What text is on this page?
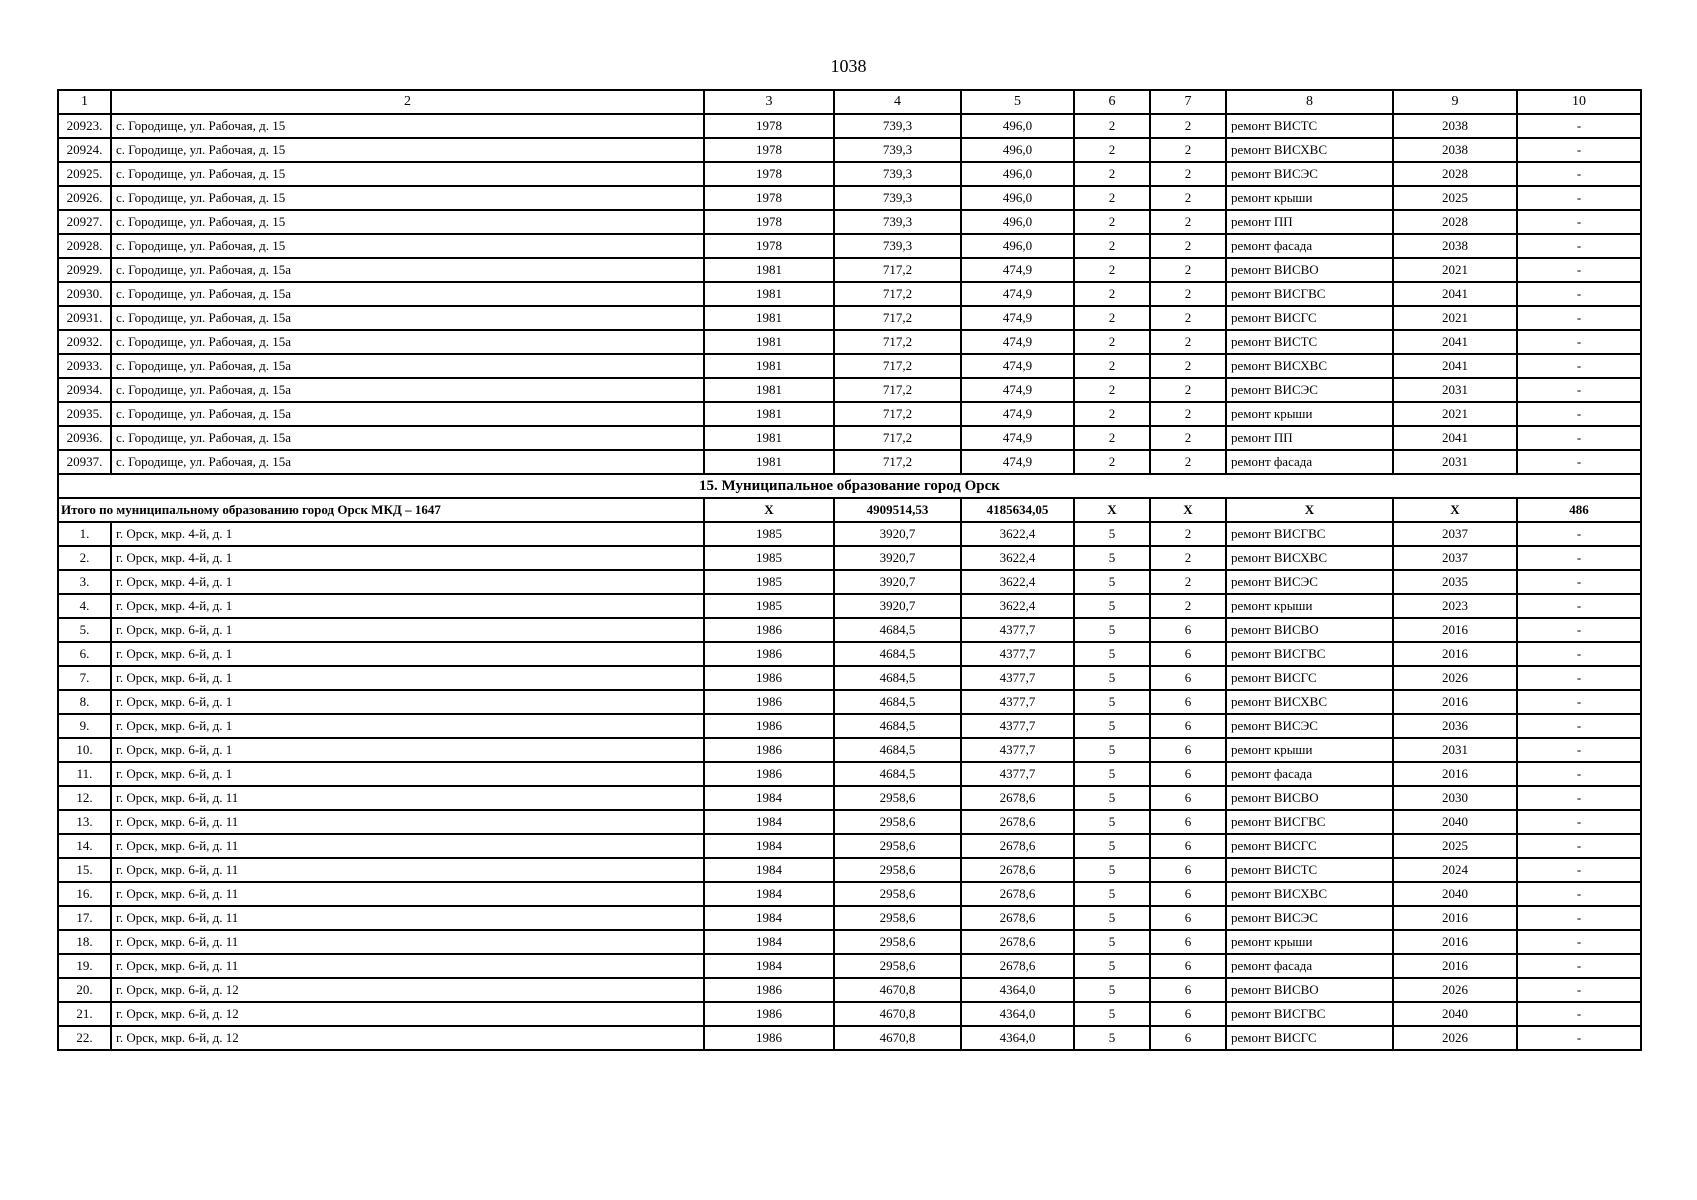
1038
1	2	3	4	5	6	7	8	9	10
20923.	с. Городище, ул. Рабочая, д. 15	1978	739,3	496,0	2	2	ремонт ВИСТС	2038	-
20924.	с. Городище, ул. Рабочая, д. 15	1978	739,3	496,0	2	2	ремонт ВИСХВС	2038	-
20925.	с. Городище, ул. Рабочая, д. 15	1978	739,3	496,0	2	2	ремонт ВИСЭС	2028	-
20926.	с. Городище, ул. Рабочая, д. 15	1978	739,3	496,0	2	2	ремонт крыши	2025	-
20927.	с. Городище, ул. Рабочая, д. 15	1978	739,3	496,0	2	2	ремонт ПП	2028	-
20928.	с. Городище, ул. Рабочая, д. 15	1978	739,3	496,0	2	2	ремонт фасада	2038	-
20929.	с. Городище, ул. Рабочая, д. 15а	1981	717,2	474,9	2	2	ремонт ВИСВО	2021	-
20930.	с. Городище, ул. Рабочая, д. 15а	1981	717,2	474,9	2	2	ремонт ВИСГВС	2041	-
20931.	с. Городище, ул. Рабочая, д. 15а	1981	717,2	474,9	2	2	ремонт ВИСГС	2021	-
20932.	с. Городище, ул. Рабочая, д. 15а	1981	717,2	474,9	2	2	ремонт ВИСТС	2041	-
20933.	с. Городище, ул. Рабочая, д. 15а	1981	717,2	474,9	2	2	ремонт ВИСХВС	2041	-
20934.	с. Городище, ул. Рабочая, д. 15а	1981	717,2	474,9	2	2	ремонт ВИСЭС	2031	-
20935.	с. Городище, ул. Рабочая, д. 15а	1981	717,2	474,9	2	2	ремонт крыши	2021	-
20936.	с. Городище, ул. Рабочая, д. 15а	1981	717,2	474,9	2	2	ремонт ПП	2041	-
20937.	с. Городище, ул. Рабочая, д. 15а	1981	717,2	474,9	2	2	ремонт фасада	2031	-
15. Муниципальное образование город Орск									
Итого по муниципальному образованию город Орск МКД – 1647		X	4909514,53	4185634,05	X	X	X	X	486
1.	г. Орск, мкр. 4-й, д. 1	1985	3920,7	3622,4	5	2	ремонт ВИСГВС	2037	-
2.	г. Орск, мкр. 4-й, д. 1	1985	3920,7	3622,4	5	2	ремонт ВИСХВС	2037	-
3.	г. Орск, мкр. 4-й, д. 1	1985	3920,7	3622,4	5	2	ремонт ВИСЭС	2035	-
4.	г. Орск, мкр. 4-й, д. 1	1985	3920,7	3622,4	5	2	ремонт крыши	2023	-
5.	г. Орск, мкр. 6-й, д. 1	1986	4684,5	4377,7	5	6	ремонт ВИСВО	2016	-
6.	г. Орск, мкр. 6-й, д. 1	1986	4684,5	4377,7	5	6	ремонт ВИСГВС	2016	-
7.	г. Орск, мкр. 6-й, д. 1	1986	4684,5	4377,7	5	6	ремонт ВИСГС	2026	-
8.	г. Орск, мкр. 6-й, д. 1	1986	4684,5	4377,7	5	6	ремонт ВИСХВС	2016	-
9.	г. Орск, мкр. 6-й, д. 1	1986	4684,5	4377,7	5	6	ремонт ВИСЭС	2036	-
10.	г. Орск, мкр. 6-й, д. 1	1986	4684,5	4377,7	5	6	ремонт крыши	2031	-
11.	г. Орск, мкр. 6-й, д. 1	1986	4684,5	4377,7	5	6	ремонт фасада	2016	-
12.	г. Орск, мкр. 6-й, д. 11	1984	2958,6	2678,6	5	6	ремонт ВИСВО	2030	-
13.	г. Орск, мкр. 6-й, д. 11	1984	2958,6	2678,6	5	6	ремонт ВИСГВС	2040	-
14.	г. Орск, мкр. 6-й, д. 11	1984	2958,6	2678,6	5	6	ремонт ВИСГС	2025	-
15.	г. Орск, мкр. 6-й, д. 11	1984	2958,6	2678,6	5	6	ремонт ВИСТС	2024	-
16.	г. Орск, мкр. 6-й, д. 11	1984	2958,6	2678,6	5	6	ремонт ВИСХВС	2040	-
17.	г. Орск, мкр. 6-й, д. 11	1984	2958,6	2678,6	5	6	ремонт ВИСЭС	2016	-
18.	г. Орск, мкр. 6-й, д. 11	1984	2958,6	2678,6	5	6	ремонт крыши	2016	-
19.	г. Орск, мкр. 6-й, д. 11	1984	2958,6	2678,6	5	6	ремонт фасада	2016	-
20.	г. Орск, мкр. 6-й, д. 12	1986	4670,8	4364,0	5	6	ремонт ВИСВО	2026	-
21.	г. Орск, мкр. 6-й, д. 12	1986	4670,8	4364,0	5	6	ремонт ВИСГВС	2040	-
22.	г. Орск, мкр. 6-й, д. 12	1986	4670,8	4364,0	5	6	ремонт ВИСГС	2026	-
